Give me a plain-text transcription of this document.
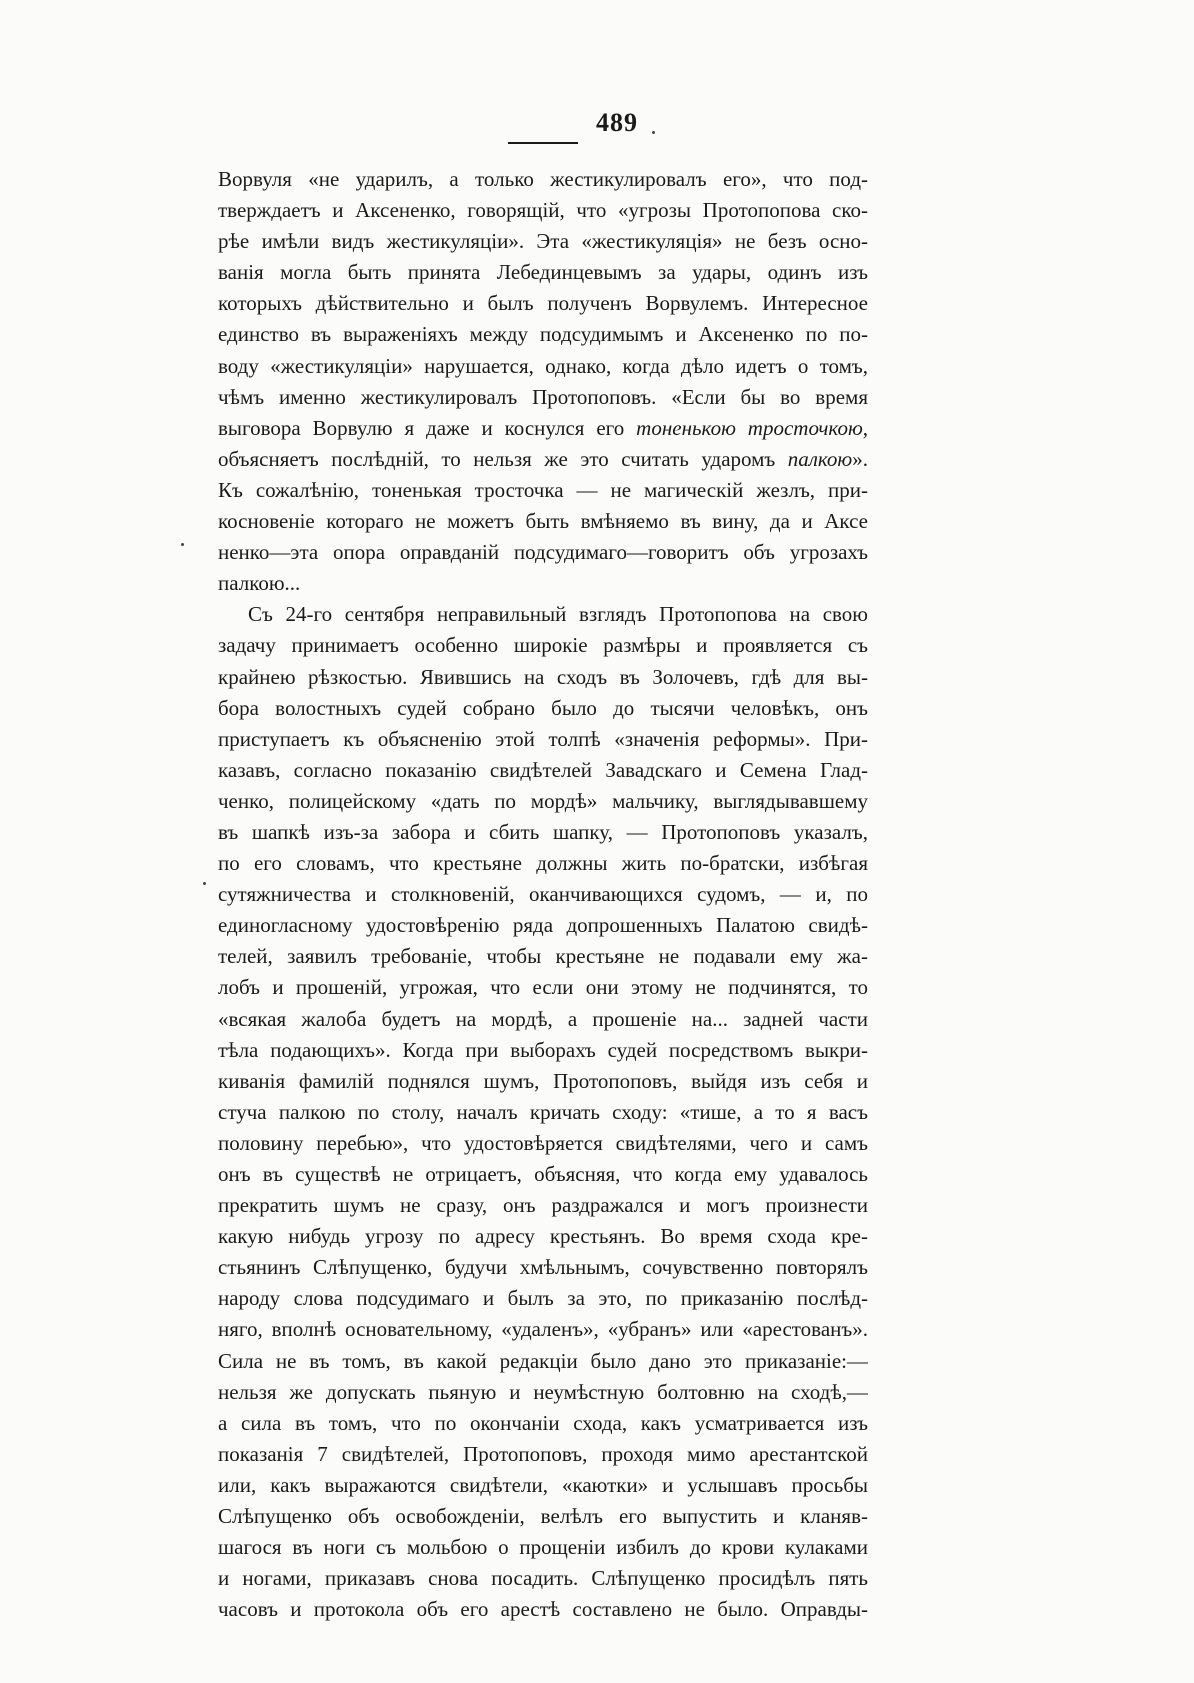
489
Ворвуля «не ударилъ, а только жестикулировалъ его», что под-
тверждаетъ и Аксененко, говорящій, что «угрозы Протопопова ско-
рѣе имѣли видъ жестикуляціи». Эта «жестикуляція» не безъ осно-
ванія могла быть принята Лебединцевымъ за удары, одинъ изъ
которыхъ дѣйствительно и былъ полученъ Ворвулемъ. Интересное
единство въ выраженіяхъ между подсудимымъ и Аксененко по по-
воду «жестикуляціи» нарушается, однако, когда дѣло идетъ о томъ,
чѣмъ именно жестикулировалъ Протопоповъ. «Если бы во время
выговора Ворвулю я даже и коснулся его тоненькою тросточкою,
объясняетъ послѣдній, то нельзя же это считать ударомъ палкою».
Къ сожалѣнію, тоненькая тросточка — не магическій жезлъ, при-
косновеніе котораго не можетъ быть вмѣняемо въ вину, да и Аксе
ненко—эта опора оправданій подсудимаго—говоритъ объ угрозахъ
палкою...
Съ 24-го сентября неправильный взглядъ Протопопова на свою
задачу принимаетъ особенно широкіе размѣры и проявляется съ
крайнею рѣзкостью. Явившись на сходъ въ Золочевъ, гдѣ для вы-
бора волостныхъ судей собрано было до тысячи человѣкъ, онъ
приступаетъ къ объясненію этой толпѣ «значенія реформы». При-
казавъ, согласно показанію свидѣтелей Завадскаго и Семена Глад-
ченко, полицейскому «дать по мордѣ» мальчику, выглядывавшему
въ шапкѣ изъ-за забора и сбить шапку, — Протопоповъ указалъ,
по его словамъ, что крестьяне должны жить по-братски, избѣгая
сутяжничества и столкновеній, оканчивающихся судомъ, — и, по
единогласному удостовѣренію ряда допрошенныхъ Палатою свидѣ-
телей, заявилъ требованіе, чтобы крестьяне не подавали ему жа-
лобъ и прошеній, угрожая, что если они этому не подчинятся, то
«всякая жалоба будетъ на мордѣ, а прошеніе на... задней части
тѣла подающихъ». Когда при выборахъ судей посредствомъ выкри-
киванія фамилій поднялся шумъ, Протопоповъ, выйдя изъ себя и
стуча палкою по столу, началъ кричать сходу: «тише, а то я васъ
половину перебью», что удостовѣряется свидѣтелями, чего и самъ
онъ въ существѣ не отрицаетъ, объясняя, что когда ему удавалось
прекратить шумъ не сразу, онъ раздражался и могъ произнести
какую нибудь угрозу по адресу крестьянъ. Во время схода кре-
стьянинъ Слѣпущенко, будучи хмѣльнымъ, сочувственно повторялъ
народу слова подсудимаго и былъ за это, по приказанію послѣд-
няго, вполнѣ основательному, «удаленъ», «убранъ» или «арестованъ».
Сила не въ томъ, въ какой редакціи было дано это приказаніе:—
нельзя же допускать пьяную и неумѣстную болтовню на сходѣ,—
а сила въ томъ, что по окончаніи схода, какъ усматривается изъ
показанія 7 свидѣтелей, Протопоповъ, проходя мимо арестантской
или, какъ выражаются свидѣтели, «каютки» и услышавъ просьбы
Слѣпущенко объ освобожденіи, велѣлъ его выпустить и кланяв-
шагося въ ноги съ мольбою о прощеніи избилъ до крови кулаками
и ногами, приказавъ снова посадить. Слѣпущенко просидѣлъ пять
часовъ и протокола объ его арестѣ составлено не было. Оправды-
